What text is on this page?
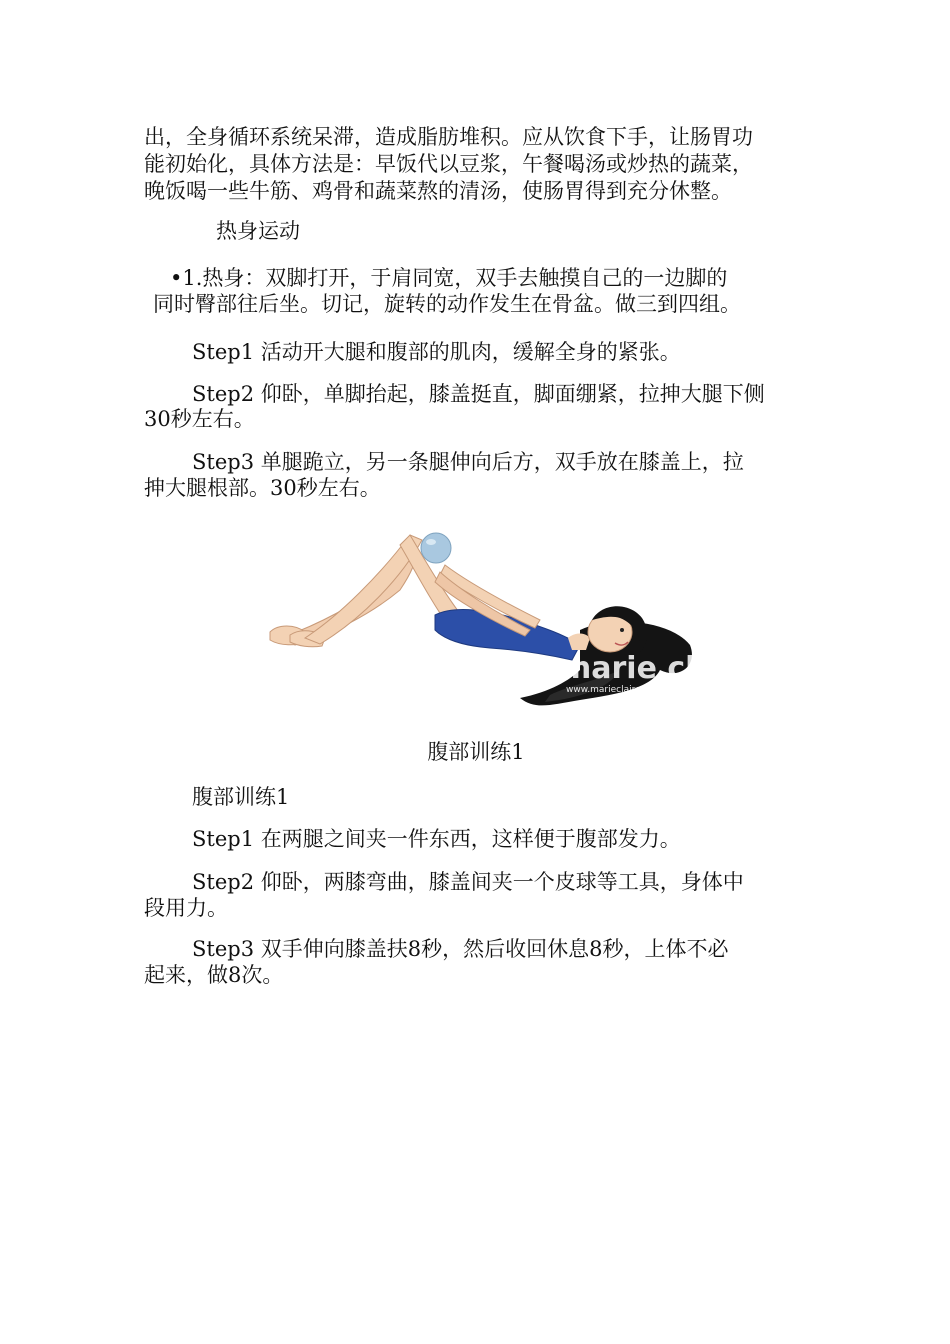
出，全身循环系统呆滞，造成脂肪堆积。应从饮食下手，让肠胃功

能初始化，具体方法是：早饭代以豆浆，午餐喝汤或炒热的蔬菜，

晚饭喝一些牛筋、鸡骨和蔬菜熬的清汤，使肠胃得到充分休整。

热身运动

•1.热身：双脚打开，于肩同宽，双手去触摸自己的一边脚的

同时臀部往后坐。切记，旋转的动作发生在骨盆。做三到四组。

Step1 活动开大腿和腹部的肌肉，缓解全身的紧张。

Step2 仰卧，单脚抬起，膝盖挺直，脚面绷紧，拉抻大腿下侧

30秒左右。

Step3 单腿跪立，另一条腿伸向后方，双手放在膝盖上，拉

抻大腿根部。30秒左右。

marie claire
www.marieclairechina

腹部训练1

腹部训练1

Step1 在两腿之间夹一件东西，这样便于腹部发力。

Step2 仰卧，两膝弯曲，膝盖间夹一个皮球等工具，身体中

段用力。

Step3 双手伸向膝盖扶8秒，然后收回休息8秒，上体不必

起来，做8次。
